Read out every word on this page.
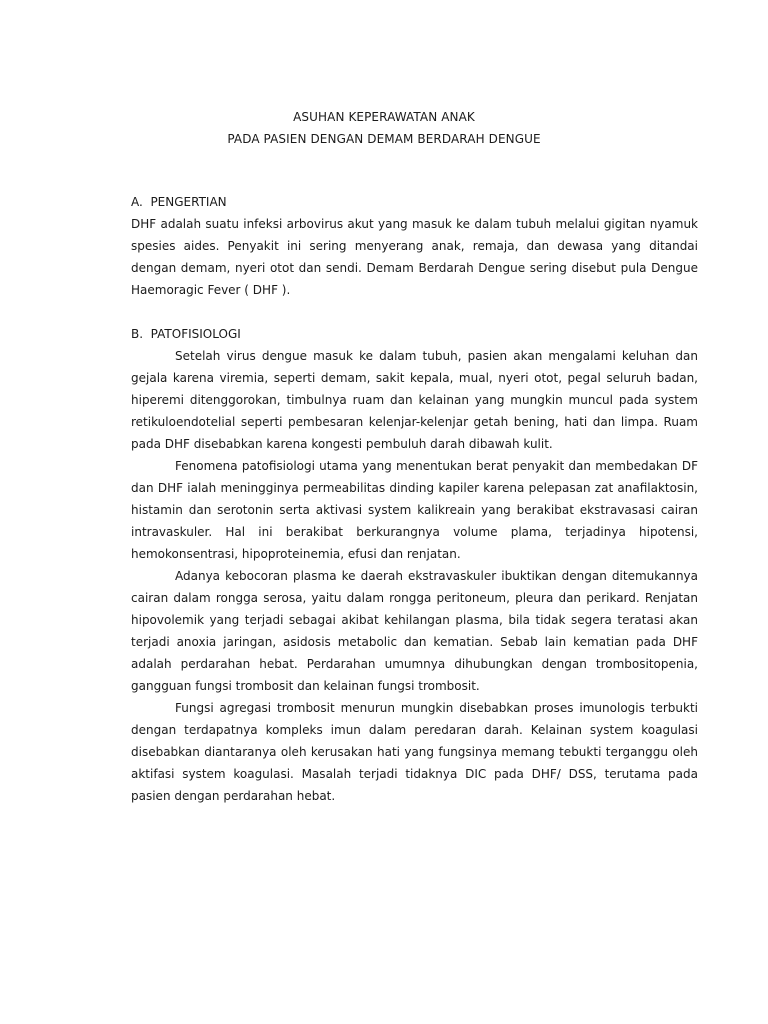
ASUHAN KEPERAWATAN ANAK
PADA PASIEN DENGAN DEMAM BERDARAH DENGUE
A.  PENGERTIAN

DHF adalah suatu infeksi arbovirus akut yang masuk ke dalam tubuh melalui gigitan nyamuk spesies aides. Penyakit ini sering menyerang anak, remaja, dan dewasa yang ditandai dengan demam, nyeri otot dan sendi. Demam Berdarah Dengue sering disebut pula Dengue Haemoragic Fever ( DHF ).

B.  PATOFISIOLOGI

Setelah virus dengue masuk ke dalam tubuh, pasien akan mengalami keluhan dan gejala karena viremia, seperti demam, sakit kepala, mual, nyeri otot, pegal seluruh badan, hiperemi ditenggorokan, timbulnya ruam dan kelainan yang mungkin muncul pada system retikuloendotelial seperti pembesaran kelenjar-kelenjar getah bening, hati dan limpa. Ruam pada DHF disebabkan karena kongesti pembuluh darah dibawah kulit.

Fenomena patofisiologi utama yang menentukan berat penyakit dan membedakan DF dan DHF ialah meningginya permeabilitas dinding kapiler karena pelepasan zat anafilaktosin, histamin dan serotonin serta aktivasi system kalikreain yang berakibat ekstravasasi cairan intravaskuler. Hal ini berakibat berkurangnya volume plama, terjadinya hipotensi, hemokonsentrasi, hipoproteinemia, efusi dan renjatan.

Adanya kebocoran plasma ke daerah ekstravaskuler ibuktikan dengan ditemukannya cairan dalam rongga serosa, yaitu dalam rongga peritoneum, pleura dan perikard. Renjatan hipovolemik yang terjadi sebagai akibat kehilangan plasma, bila tidak segera teratasi akan terjadi anoxia jaringan, asidosis metabolic dan kematian. Sebab lain kematian pada DHF adalah perdarahan hebat. Perdarahan umumnya dihubungkan dengan trombositopenia, gangguan fungsi trombosit dan kelainan fungsi trombosit.

Fungsi agregasi trombosit menurun mungkin disebabkan proses imunologis terbukti dengan terdapatnya kompleks imun dalam peredaran darah. Kelainan system koagulasi disebabkan diantaranya oleh kerusakan hati yang fungsinya memang tebukti terganggu oleh aktifasi system koagulasi. Masalah terjadi tidaknya DIC pada DHF/ DSS, terutama pada pasien dengan perdarahan hebat.
